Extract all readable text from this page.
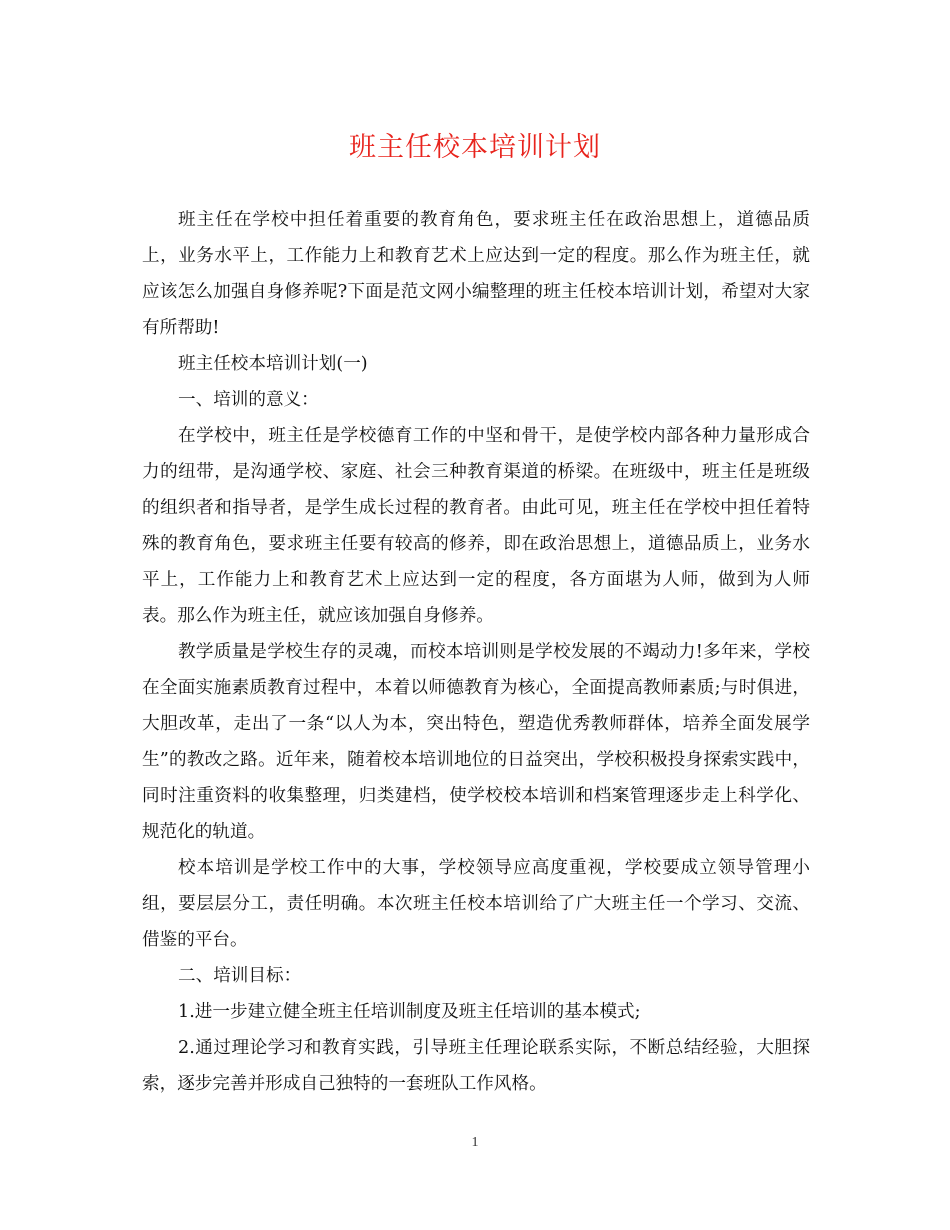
班主任校本培训计划

班主任在学校中担任着重要的教育角色，要求班主任在政治思想上，道德品质上，业务水平上，工作能力上和教育艺术上应达到一定的程度。那么作为班主任，就应该怎么加强自身修养呢?下面是范文网小编整理的班主任校本培训计划，希望对大家有所帮助!

班主任校本培训计划(一)

一、培训的意义：

在学校中，班主任是学校德育工作的中坚和骨干，是使学校内部各种力量形成合力的纽带，是沟通学校、家庭、社会三种教育渠道的桥梁。在班级中，班主任是班级的组织者和指导者，是学生成长过程的教育者。由此可见，班主任在学校中担任着特殊的教育角色，要求班主任要有较高的修养，即在政治思想上，道德品质上，业务水平上，工作能力上和教育艺术上应达到一定的程度，各方面堪为人师，做到为人师表。那么作为班主任，就应该加强自身修养。

教学质量是学校生存的灵魂，而校本培训则是学校发展的不竭动力!多年来，学校在全面实施素质教育过程中，本着以师德教育为核心，全面提高教师素质;与时俱进，大胆改革，走出了一条“以人为本，突出特色，塑造优秀教师群体，培养全面发展学生”的教改之路。近年来，随着校本培训地位的日益突出，学校积极投身探索实践中，同时注重资料的收集整理，归类建档，使学校校本培训和档案管理逐步走上科学化、规范化的轨道。

校本培训是学校工作中的大事，学校领导应高度重视，学校要成立领导管理小组，要层层分工，责任明确。本次班主任校本培训给了广大班主任一个学习、交流、借鉴的平台。

二、培训目标：

1.进一步建立健全班主任培训制度及班主任培训的基本模式;

2.通过理论学习和教育实践，引导班主任理论联系实际，不断总结经验，大胆探索，逐步完善并形成自己独特的一套班队工作风格。

1
